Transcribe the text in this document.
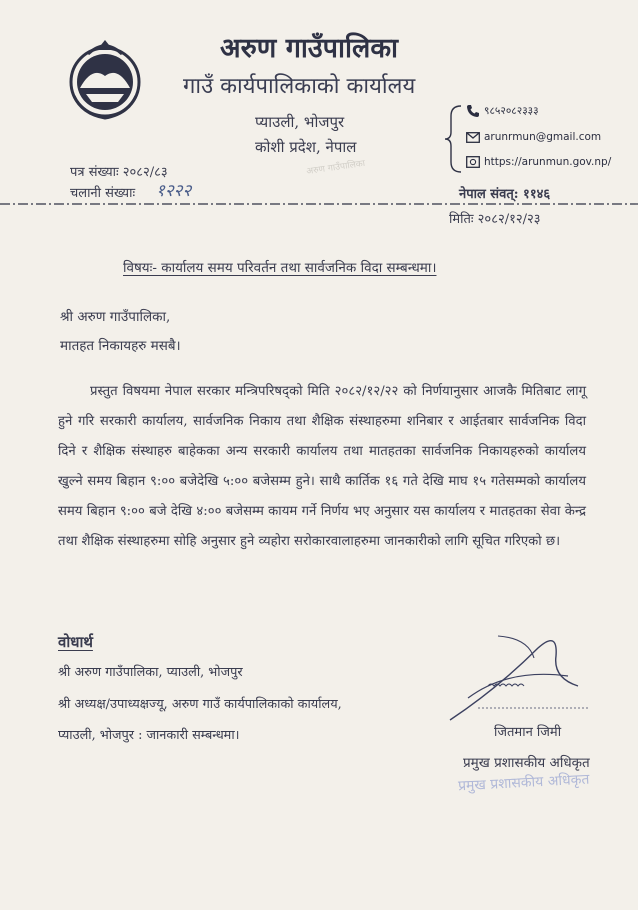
अरुण गाउँपालिका
गाउँ कार्यपालिकाको कार्यालय
प्याउली, भोजपुर
कोशी प्रदेश, नेपाल
अरुण गाउँपालिका
९८५२०८२३३३
arunrmun@gmail.com
https://arunmun.gov.np/
पत्र संख्याः २०८२/८३
चलानी संख्याः १२२२	नेपाल संवत्: ११४६
मितिः २०८२/१२/२३
विषयः- कार्यालय समय परिवर्तन तथा सार्वजनिक विदा सम्बन्धमा।
श्री अरुण गाउँपालिका,
मातहत निकायहरु मसबै।
प्रस्तुत विषयमा नेपाल सरकार मन्त्रिपरिषद्को मिति २०८२/१२/२२ को निर्णयानुसार आजकै मितिबाट लागू हुने गरि सरकारी कार्यालय, सार्वजनिक निकाय तथा शैक्षिक संस्थाहरुमा शनिबार र आईतबार सार्वजनिक विदा दिने र शैक्षिक संस्थाहरु बाहेकका अन्य सरकारी कार्यालय तथा मातहतका सार्वजनिक निकायहरुको कार्यालय खुल्ने समय बिहान ९:०० बजेदेखि ५:०० बजेसम्म हुने। साथै कार्तिक १६ गते देखि माघ १५ गतेसम्मको कार्यालय समय बिहान ९:०० बजे देखि ४:०० बजेसम्म कायम गर्ने निर्णय भए अनुसार यस कार्यालय र मातहतका सेवा केन्द्र तथा शैक्षिक संस्थाहरुमा सोहि अनुसार हुने व्यहोरा सरोकारवालाहरुमा जानकारीको लागि सूचित गरिएको छ।
वोधार्थ
श्री अरुण गाउँपालिका, प्याउली, भोजपुर
श्री अध्यक्ष/उपाध्यक्षज्यू, अरुण गाउँ कार्यपालिकाको कार्यालय,
प्याउली, भोजपुर : जानकारी सम्बन्धमा।	जितमान जिमी
प्रमुख प्रशासकीय अधिकृत
प्रमुख प्रशासकीय अधिकृत
